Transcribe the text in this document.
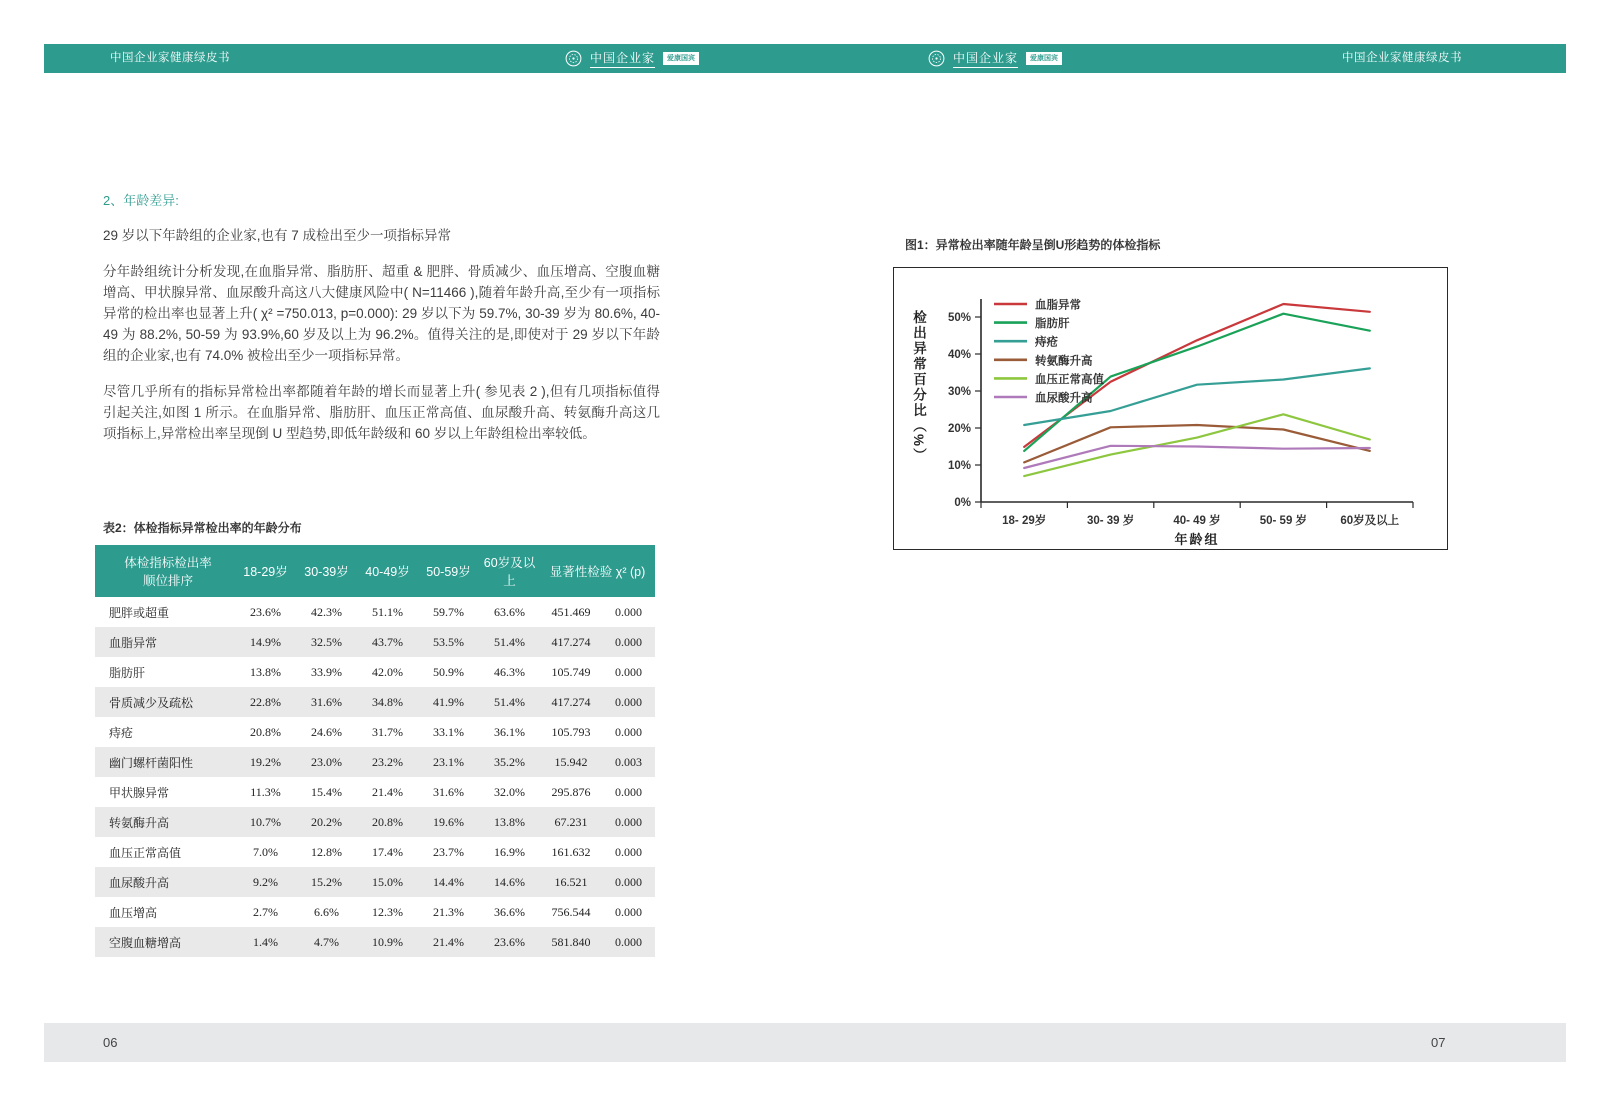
中国企业家健康绿皮书	中国企业家	爱康国宾	中国企业家	爱康国宾	中国企业家健康绿皮书

2、年龄差异:

29 岁以下年龄组的企业家,也有 7 成检出至少一项指标异常

分年龄组统计分析发现,在血脂异常、脂肪肝、超重 & 肥胖、骨质减少、血压增高、空腹血糖增高、甲状腺异常、血尿酸升高这八大健康风险中( N=11466 ),随着年龄升高,至少有一项指标异常的检出率也显著上升( χ² =750.013, p=0.000): 29 岁以下为 59.7%, 30-39 岁为 80.6%, 40-49 为 88.2%, 50-59 为 93.9%,60 岁及以上为 96.2%。值得关注的是,即使对于 29 岁以下年龄组的企业家,也有 74.0% 被检出至少一项指标异常。

尽管几乎所有的指标异常检出率都随着年龄的增长而显著上升( 参见表 2 ),但有几项指标值得引起关注,如图 1 所示。在血脂异常、脂肪肝、血压正常高值、血尿酸升高、转氨酶升高这几项指标上,异常检出率呈现倒 U 型趋势,即低年龄级和 60 岁以上年龄组检出率较低。

表2：体检指标异常检出率的年龄分布

体检指标检出率
顺位排序	18-29岁	30-39岁	40-49岁	50-59岁	60岁及以上	显著性检验 χ² (p)	
肥胖或超重	23.6%	42.3%	51.1%	59.7%	63.6%	451.469	0.000
血脂异常	14.9%	32.5%	43.7%	53.5%	51.4%	417.274	0.000
脂肪肝	13.8%	33.9%	42.0%	50.9%	46.3%	105.749	0.000
骨质减少及疏松	22.8%	31.6%	34.8%	41.9%	51.4%	417.274	0.000
痔疮	20.8%	24.6%	31.7%	33.1%	36.1%	105.793	0.000
幽门螺杆菌阳性	19.2%	23.0%	23.2%	23.1%	35.2%	15.942	0.003
甲状腺异常	11.3%	15.4%	21.4%	31.6%	32.0%	295.876	0.000
转氨酶升高	10.7%	20.2%	20.8%	19.6%	13.8%	67.231	0.000
血压正常高值	7.0%	12.8%	17.4%	23.7%	16.9%	161.632	0.000
血尿酸升高	9.2%	15.2%	15.0%	14.4%	14.6%	16.521	0.000
血压增高	2.7%	6.6%	12.3%	21.3%	36.6%	756.544	0.000
空腹血糖增高	1.4%	4.7%	10.9%	21.4%	23.6%	581.840	0.000

图1：异常检出率随年龄呈倒U形趋势的体检指标

检出异常百分比（%）
0%
10%
20%
30%
40%
50%
18- 29岁	30- 39 岁	40- 49 岁	50- 59 岁	60岁及以上
年龄组
血脂异常
脂肪肝
痔疮
转氨酶升高
血压正常高值
血尿酸升高
06	07
